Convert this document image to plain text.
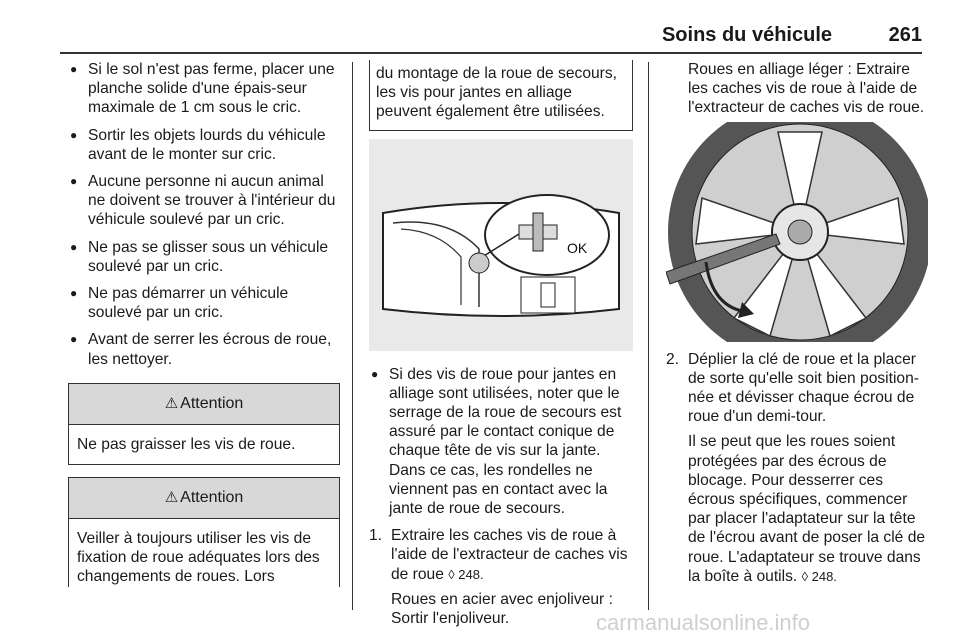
Soins du véhicule	261
● Si le sol n'est pas ferme, placer une planche solide d'une épais-seur maximale de 1 cm sous le cric.
● Sortir les objets lourds du véhicule avant de le monter sur cric.
● Aucune personne ni aucun animal ne doivent se trouver à l'intérieur du véhicule soulevé par un cric.
● Ne pas se glisser sous un véhicule soulevé par un cric.
● Ne pas démarrer un véhicule soulevé par un cric.
● Avant de serrer les écrous de roue, les nettoyer.
⚠ Attention
Ne pas graisser les vis de roue.
⚠ Attention
Veiller à toujours utiliser les vis de fixation de roue adéquates lors des changements de roues. Lors
du montage de la roue de secours, les vis pour jantes en alliage peuvent également être utilisées.
OK
● Si des vis de roue pour jantes en alliage sont utilisées, noter que le serrage de la roue de secours est assuré par le contact conique de chaque tête de vis sur la jante. Dans ce cas, les rondelles ne viennent pas en contact avec la jante de roue de secours.
1. Extraire les caches vis de roue à l'aide de l'extracteur de caches vis de roue ◊ 248.

Roues en acier avec enjoliveur : Sortir l'enjoliveur.

Roues en alliage léger : Extraire les caches vis de roue à l'aide de l'extracteur de caches vis de roue.

2. Déplier la clé de roue et la placer de sorte qu'elle soit bien position-née et dévisser chaque écrou de roue d'un demi-tour.

Il se peut que les roues soient protégées par des écrous de blocage. Pour desserrer ces écrous spécifiques, commencer par placer l'adaptateur sur la tête de l'écrou avant de poser la clé de roue. L'adaptateur se trouve dans la boîte à outils. ◊ 248.

carmanualsonline.info
